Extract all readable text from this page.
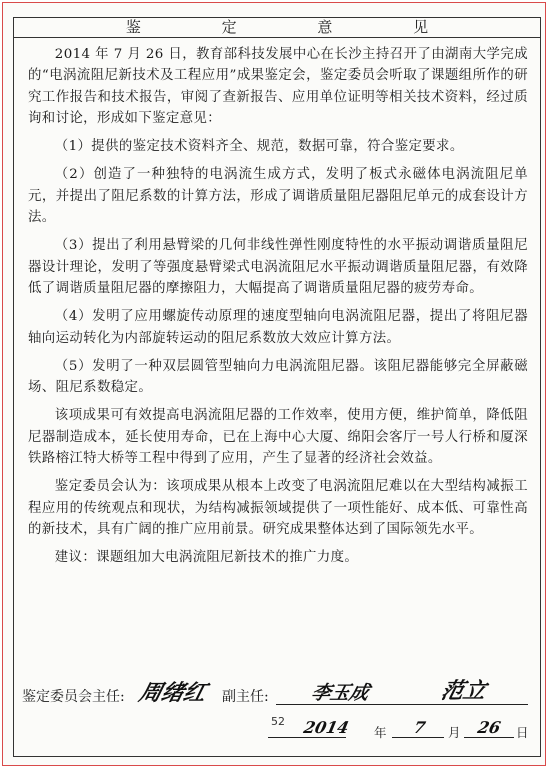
鉴 定 意 见

2014 年 7 月 26 日，教育部科技发展中心在长沙主持召开了由湖南大学完成的“电涡流阻尼新技术及工程应用”成果鉴定会，鉴定委员会听取了课题组所作的研究工作报告和技术报告，审阅了查新报告、应用单位证明等相关技术资料，经过质询和讨论，形成如下鉴定意见：

（1）提供的鉴定技术资料齐全、规范，数据可靠，符合鉴定要求。

（2）创造了一种独特的电涡流生成方式，发明了板式永磁体电涡流阻尼单元，并提出了阻尼系数的计算方法，形成了调谐质量阻尼器阻尼单元的成套设计方法。

（3）提出了利用悬臂梁的几何非线性弹性刚度特性的水平振动调谐质量阻尼器设计理论，发明了等强度悬臂梁式电涡流阻尼水平振动调谐质量阻尼器，有效降低了调谐质量阻尼器的摩擦阻力，大幅提高了调谐质量阻尼器的疲劳寿命。

（4）发明了应用螺旋传动原理的速度型轴向电涡流阻尼器，提出了将阻尼器轴向运动转化为内部旋转运动的阻尼系数放大效应计算方法。

（5）发明了一种双层圆管型轴向力电涡流阻尼器。该阻尼器能够完全屏蔽磁场、阻尼系数稳定。

该项成果可有效提高电涡流阻尼器的工作效率，使用方便，维护简单，降低阻尼器制造成本，延长使用寿命，已在上海中心大厦、绵阳会客厅一号人行桥和厦深铁路榕江特大桥等工程中得到了应用，产生了显著的经济社会效益。

鉴定委员会认为：该项成果从根本上改变了电涡流阻尼难以在大型结构减振工程应用的传统观点和现状，为结构减振领域提供了一项性能好、成本低、可靠性高的新技术，具有广阔的推广应用前景。研究成果整体达到了国际领先水平。

建议：课题组加大电涡流阻尼新技术的推广力度。

鉴定委员会主任: 周绪红 副主任: 李玉成	范立
2014 年 7 月 26 日
52
